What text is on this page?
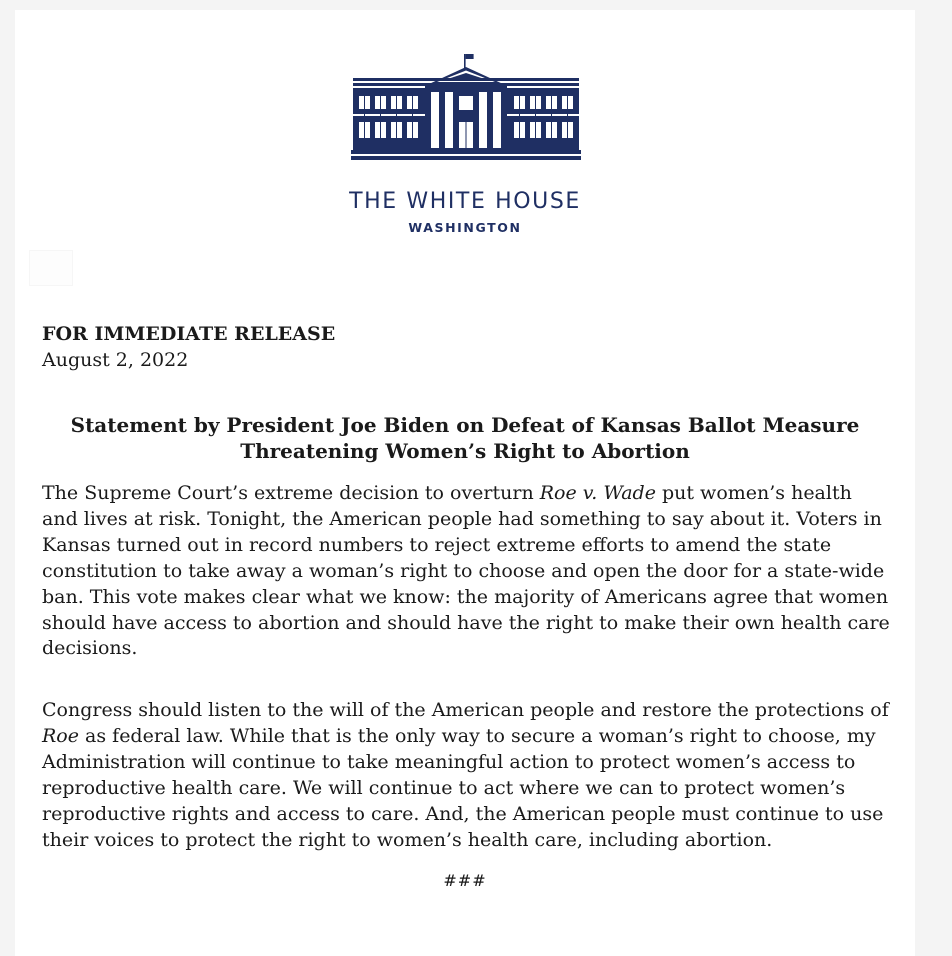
THE WHITE HOUSE
WASHINGTON

FOR IMMEDIATE RELEASE

August 2, 2022

Statement by President Joe Biden on Defeat of Kansas Ballot Measure
Threatening Women’s Right to Abortion

The Supreme Court’s extreme decision to overturn Roe v. Wade put women’s health and lives at risk. Tonight, the American people had something to say about it. Voters in Kansas turned out in record numbers to reject extreme efforts to amend the state constitution to take away a woman’s right to choose and open the door for a state-wide ban. This vote makes clear what we know: the majority of Americans agree that women should have access to abortion and should have the right to make their own health care decisions.

Congress should listen to the will of the American people and restore the protections of Roe as federal law. While that is the only way to secure a woman’s right to choose, my Administration will continue to take meaningful action to protect women’s access to reproductive health care. We will continue to act where we can to protect women’s reproductive rights and access to care. And, the American people must continue to use their voices to protect the right to women’s health care, including abortion.

###
